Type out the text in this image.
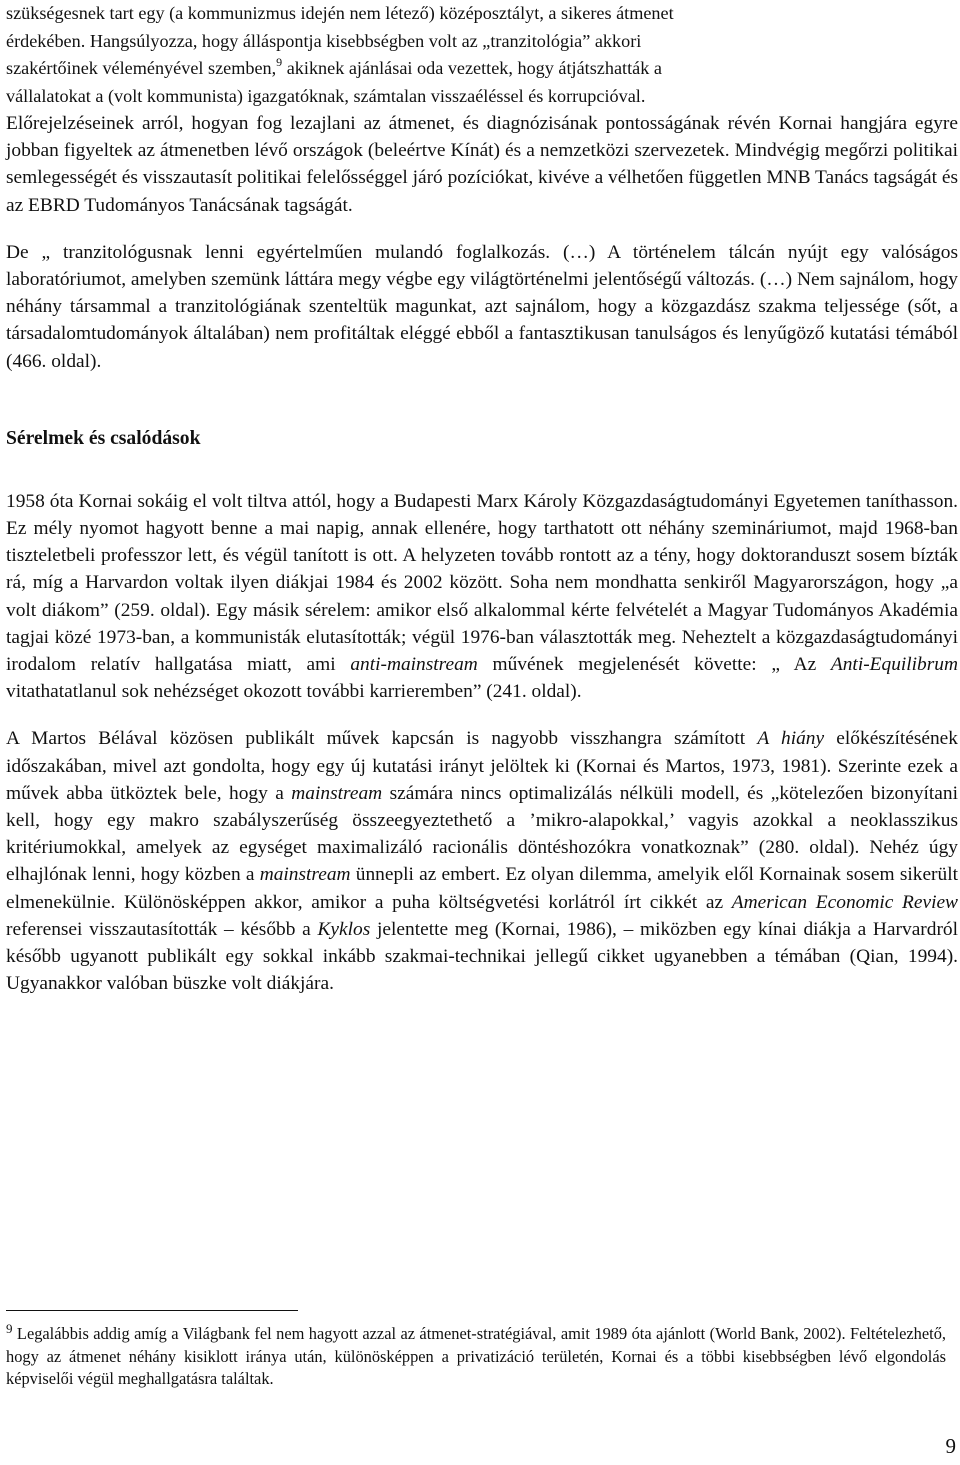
szükségesnek tart egy (a kommunizmus idején nem létező) középosztályt, a sikeres átmenet
érdekében. Hangsúlyozza, hogy álláspontja kisebbségben volt az „tranzitológia” akkori
szakértőinek véleményével szemben,$^9$ akiknek ajánlásai oda vezettek, hogy átjátszhatták a
vállalatokat a (volt kommunista) igazgatóknak, számtalan visszaéléssel és korrupcióval.

Előrejelzéseinek arról, hogyan fog lezajlani az átmenet, és diagnózisának pontosságának révén Kornai hangjára egyre jobban figyeltek az átmenetben lévő országok (beleértve Kínát) és a nemzetközi szervezetek. Mindvégig megőrzi politikai semlegességét és visszautasít politikai felelősséggel járó pozíciókat, kivéve a vélhetően független MNB Tanács tagságát és az EBRD Tudományos Tanácsának tagságát.

De „ tranzitológusnak lenni egyértelműen mulandó foglalkozás. (…) A történelem tálcán nyújt egy valóságos laboratóriumot, amelyben szemünk láttára megy végbe egy világtörténelmi jelentőségű változás. (…) Nem sajnálom, hogy néhány társammal a tranzitológiának szenteltük magunkat, azt sajnálom, hogy a közgazdász szakma teljessége (sőt, a társadalomtudományok általában) nem profitáltak eléggé ebből a fantasztikusan tanulságos és lenyűgöző kutatási témából (466. oldal).

Sérelmek és csalódások

1958 óta Kornai sokáig el volt tiltva attól, hogy a Budapesti Marx Károly Közgazdaságtudományi Egyetemen taníthasson. Ez mély nyomot hagyott benne a mai napig, annak ellenére, hogy tarthatott ott néhány szemináriumot, majd 1968-ban tiszteletbeli professzor lett, és végül tanított is ott. A helyzeten tovább rontott az a tény, hogy doktoranduszt sosem bízták rá, míg a Harvardon voltak ilyen diákjai 1984 és 2002 között. Soha nem mondhatta senkiről Magyarországon, hogy „a volt diákom” (259. oldal). Egy másik sérelem: amikor első alkalommal kérte felvételét a Magyar Tudományos Akadémia tagjai közé 1973-ban, a kommunisták elutasították; végül 1976-ban választották meg. Neheztelt a közgazdaságtudományi irodalom relatív hallgatása miatt, ami anti-mainstream művének megjelenését követte: „ Az Anti-Equilibrum vitathatatlanul sok nehézséget okozott további karrieremben” (241. oldal).

A Martos Bélával közösen publikált művek kapcsán is nagyobb visszhangra számított A hiány előkészítésének időszakában, mivel azt gondolta, hogy egy új kutatási irányt jelöltek ki (Kornai és Martos, 1973, 1981). Szerinte ezek a művek abba ütköztek bele, hogy a mainstream számára nincs optimalizálás nélküli modell, és „kötelezően bizonyítani kell, hogy egy makro szabályszerűség összeegyeztethető a ’mikro-alapokkal,’ vagyis azokkal a neoklasszikus kritériumokkal, amelyek az egységet maximalizáló racionális döntéshozókra vonatkoznak” (280. oldal). Nehéz úgy elhajlónak lenni, hogy közben a mainstream ünnepli az embert. Ez olyan dilemma, amelyik elől Kornainak sosem sikerült elmenekülnie. Különösképpen akkor, amikor a puha költségvetési korlátról írt cikkét az American Economic Review referensei visszautasították – később a Kyklos jelentette meg (Kornai, 1986), – miközben egy kínai diákja a Harvardról később ugyanott publikált egy sokkal inkább szakmai-technikai jellegű cikket ugyanebben a témában (Qian, 1994). Ugyanakkor valóban büszke volt diákjára.

$^9$ Legalábbis addig amíg a Világbank fel nem hagyott azzal az átmenet-stratégiával, amit 1989 óta ajánlott (World Bank, 2002). Feltételezhető, hogy az átmenet néhány kisiklott iránya után, különösképpen a privatizáció területén, Kornai és a többi kisebbségben lévő elgondolás képviselői végül meghallgatásra találtak.
9
